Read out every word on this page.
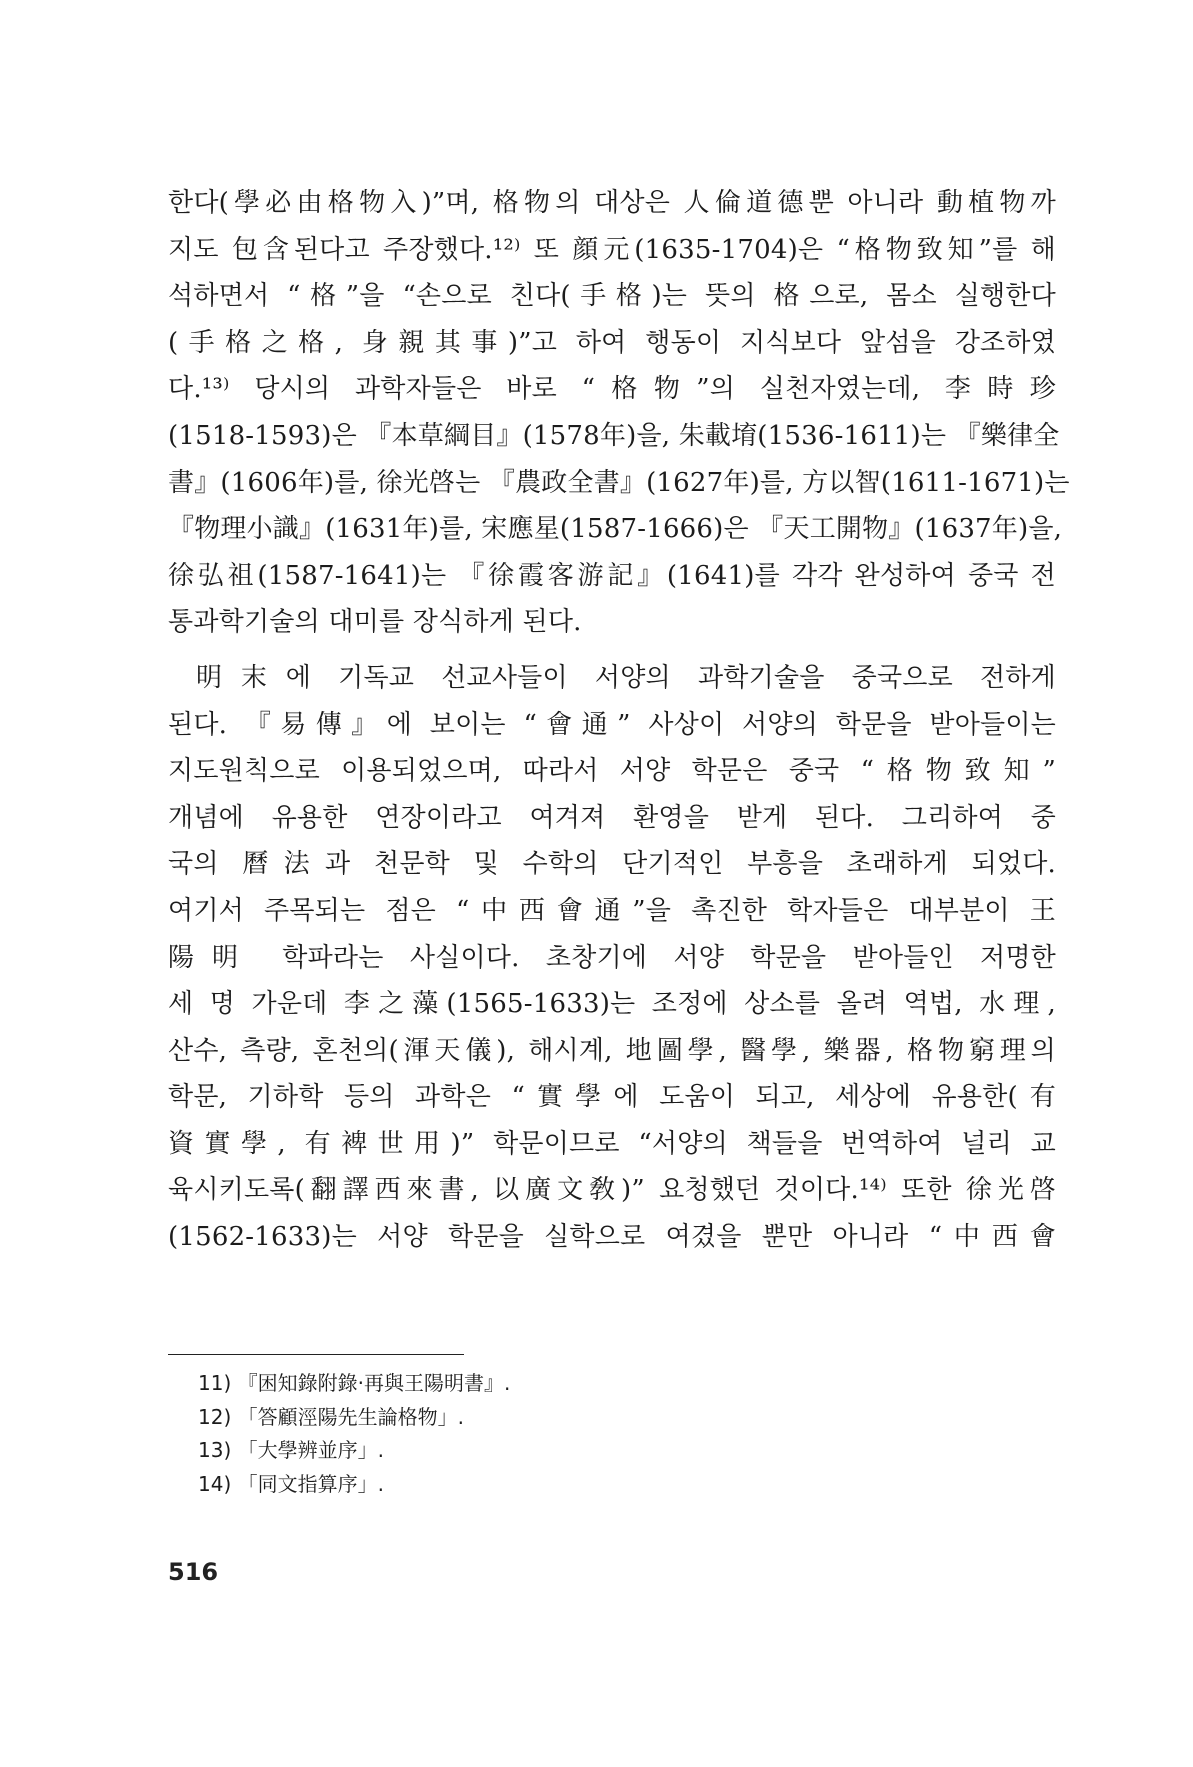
한다(學必由格物入)”며, 格物의 대상은 人倫道德뿐 아니라 動植物까
지도 包含된다고 주장했다.¹²⁾ 또 顔元(1635-1704)은 “格物致知”를 해
석하면서 “格”을 “손으로 친다(手格)는 뜻의 格으로, 몸소 실행한다
(手格之格, 身親其事)”고 하여 행동이 지식보다 앞섬을 강조하였
다.¹³⁾ 당시의 과학자들은 바로 “格物”의 실천자였는데, 李時珍
(1518-1593)은 『本草綱目』(1578年)을, 朱載堉(1536-1611)는 『樂律全
書』(1606年)를, 徐光啓는 『農政全書』(1627年)를, 方以智(1611-1671)는
『物理小識』(1631年)를, 宋應星(1587-1666)은 『天工開物』(1637年)을,
徐弘祖(1587-1641)는 『徐霞客游記』(1641)를 각각 완성하여 중국 전
통과학기술의 대미를 장식하게 된다.
明末에 기독교 선교사들이 서양의 과학기술을 중국으로 전하게
된다. 『易傳』에 보이는 “會通” 사상이 서양의 학문을 받아들이는
지도원칙으로 이용되었으며, 따라서 서양 학문은 중국 “格物致知”
개념에 유용한 연장이라고 여겨져 환영을 받게 된다. 그리하여 중
국의 曆法과 천문학 및 수학의 단기적인 부흥을 초래하게 되었다.
여기서 주목되는 점은 “中西會通”을 촉진한 학자들은 대부분이 王
陽明 학파라는 사실이다. 초창기에 서양 학문을 받아들인 저명한
세 명 가운데 李之藻(1565-1633)는 조정에 상소를 올려 역법, 水理,
산수, 측량, 혼천의(渾天儀), 해시계, 地圖學, 醫學, 樂器, 格物窮理의
학문, 기하학 등의 과학은 “實學에 도움이 되고, 세상에 유용한(有
資實學, 有裨世用)” 학문이므로 “서양의 책들을 번역하여 널리 교
육시키도록(翻譯西來書, 以廣文敎)” 요청했던 것이다.¹⁴⁾ 또한 徐光啓
(1562-1633)는 서양 학문을 실학으로 여겼을 뿐만 아니라 “中西會
11) 『困知錄附錄·再與王陽明書』.
12) 「答顧涇陽先生論格物」.
13) 「大學辨並序」.
14) 「同文指算序」.
516
